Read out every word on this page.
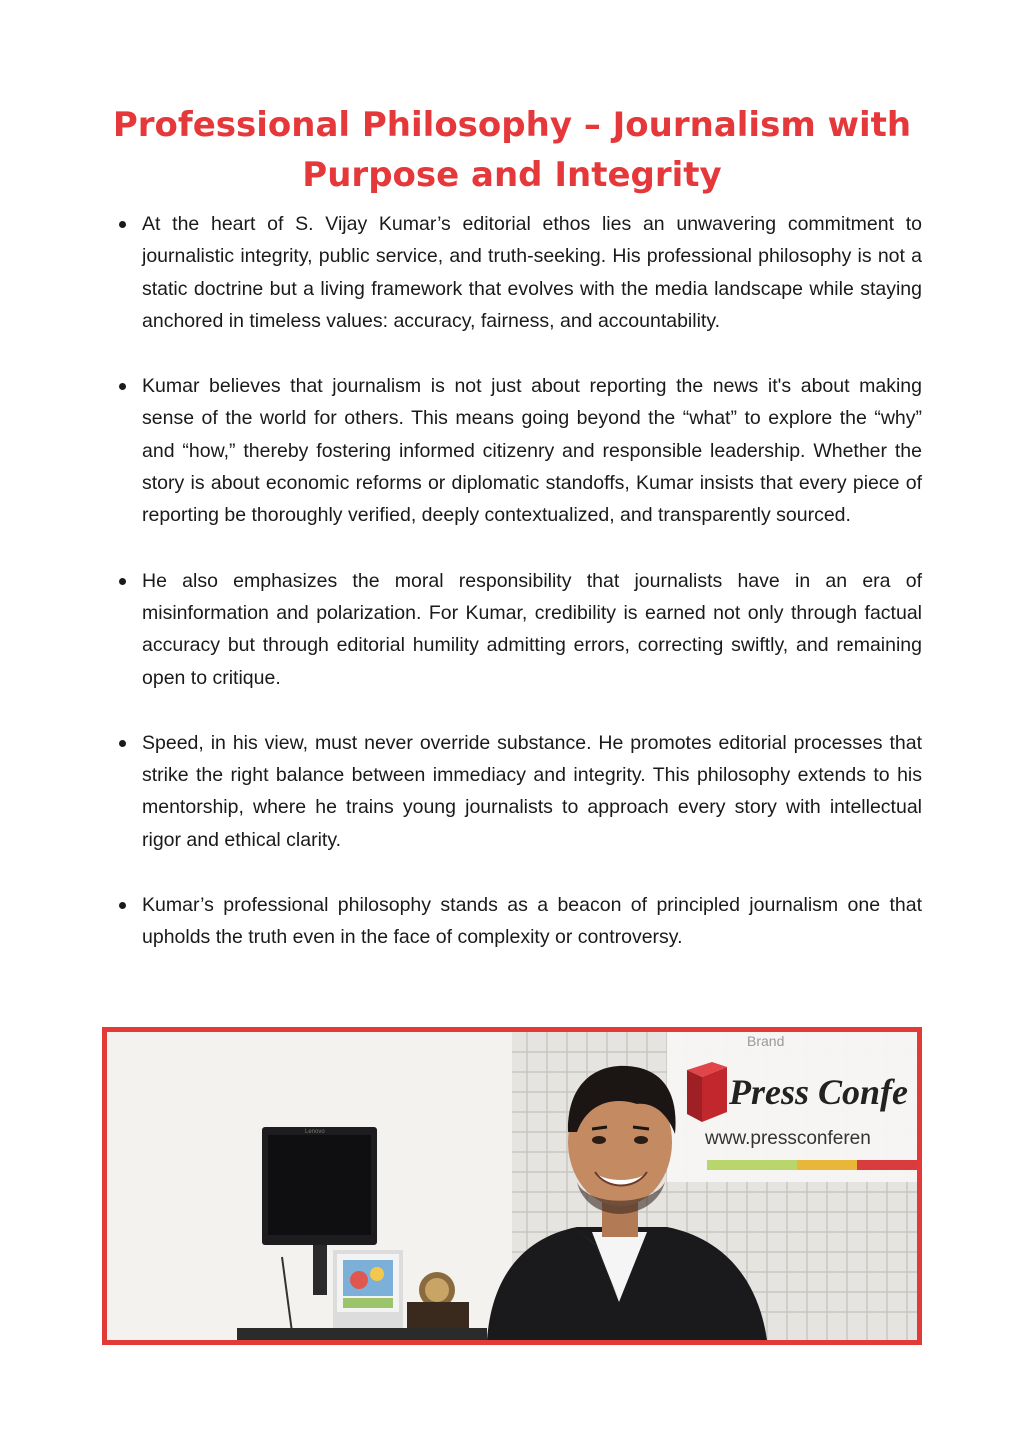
Professional Philosophy – Journalism with Purpose and Integrity
At the heart of S. Vijay Kumar’s editorial ethos lies an unwavering commitment to journalistic integrity, public service, and truth-seeking. His professional philosophy is not a static doctrine but a living framework that evolves with the media landscape while staying anchored in timeless values: accuracy, fairness, and accountability.
Kumar believes that journalism is not just about reporting the news it's about making sense of the world for others. This means going beyond the “what” to explore the “why” and “how,” thereby fostering informed citizenry and responsible leadership. Whether the story is about economic reforms or diplomatic standoffs, Kumar insists that every piece of reporting be thoroughly verified, deeply contextualized, and transparently sourced.
He also emphasizes the moral responsibility that journalists have in an era of misinformation and polarization. For Kumar, credibility is earned not only through factual accuracy but through editorial humility admitting errors, correcting swiftly, and remaining open to critique.
Speed, in his view, must never override substance. He promotes editorial processes that strike the right balance between immediacy and integrity. This philosophy extends to his mentorship, where he trains young journalists to approach every story with intellectual rigor and ethical clarity.
Kumar’s professional philosophy stands as a beacon of principled journalism one that upholds the truth even in the face of complexity or controversy.
Brand
Press Confe
www.pressconferen
Lenovo
